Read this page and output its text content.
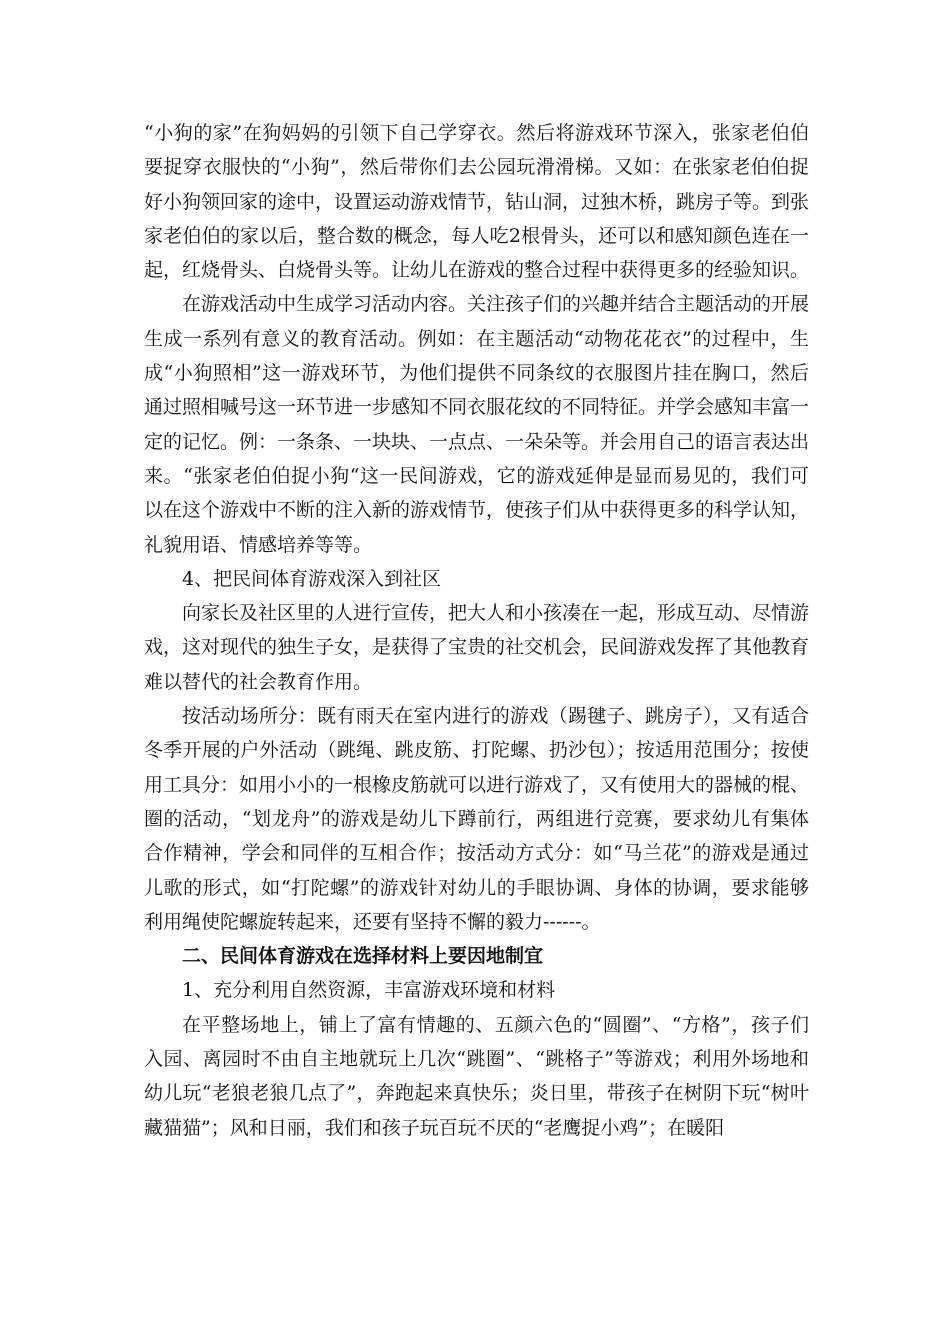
“小狗的家”在狗妈妈的引领下自己学穿衣。然后将游戏环节深入，张家老伯伯要捉穿衣服快的“小狗”，然后带你们去公园玩滑滑梯。又如：在张家老伯伯捉好小狗领回家的途中，设置运动游戏情节，钻山洞，过独木桥，跳房子等。到张家老伯伯的家以后，整合数的概念，每人吃2根骨头，还可以和感知颜色连在一起，红烧骨头、白烧骨头等。让幼儿在游戏的整合过程中获得更多的经验知识。

在游戏活动中生成学习活动内容。关注孩子们的兴趣并结合主题活动的开展生成一系列有意义的教育活动。例如：在主题活动“动物花花衣”的过程中，生成“小狗照相”这一游戏环节，为他们提供不同条纹的衣服图片挂在胸口，然后通过照相喊号这一环节进一步感知不同衣服花纹的不同特征。并学会感知丰富一定的记忆。例：一条条、一块块、一点点、一朵朵等。并会用自己的语言表达出来。“张家老伯伯捉小狗“这一民间游戏，它的游戏延伸是显而易见的，我们可以在这个游戏中不断的注入新的游戏情节，使孩子们从中获得更多的科学认知，礼貌用语、情感培养等等。

4、把民间体育游戏深入到社区

向家长及社区里的人进行宣传，把大人和小孩凑在一起，形成互动、尽情游戏，这对现代的独生子女，是获得了宝贵的社交机会，民间游戏发挥了其他教育难以替代的社会教育作用。

按活动场所分：既有雨天在室内进行的游戏（踢毽子、跳房子），又有适合冬季开展的户外活动（跳绳、跳皮筋、打陀螺、扔沙包）；按适用范围分；按使用工具分：如用小小的一根橡皮筋就可以进行游戏了，又有使用大的器械的棍、圈的活动，“划龙舟”的游戏是幼儿下蹲前行，两组进行竞赛，要求幼儿有集体合作精神，学会和同伴的互相合作；按活动方式分：如“马兰花”的游戏是通过儿歌的形式，如“打陀螺”的游戏针对幼儿的手眼协调、身体的协调，要求能够利用绳使陀螺旋转起来，还要有坚持不懈的毅力------。

二、民间体育游戏在选择材料上要因地制宜

1、充分利用自然资源，丰富游戏环境和材料

在平整场地上，铺上了富有情趣的、五颜六色的“圆圈”、“方格”，孩子们入园、离园时不由自主地就玩上几次“跳圈”、“跳格子”等游戏；利用外场地和幼儿玩“老狼老狼几点了”，奔跑起来真快乐；炎日里，带孩子在树阴下玩“树叶藏猫猫”；风和日丽，我们和孩子玩百玩不厌的“老鹰捉小鸡”；在暖阳
